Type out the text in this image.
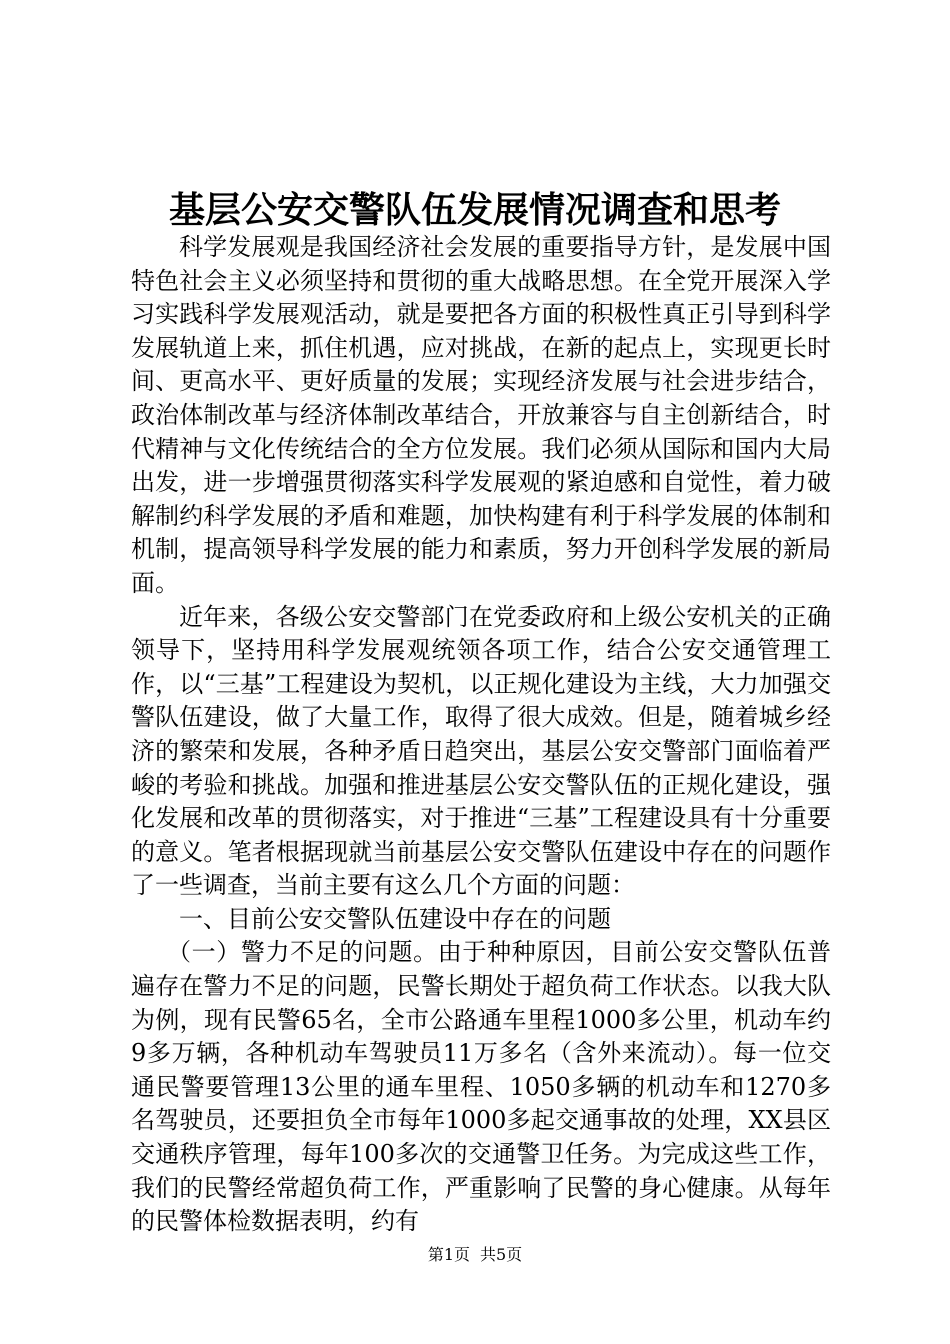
基层公安交警队伍发展情况调查和思考

科学发展观是我国经济社会发展的重要指导方针，是发展中国特色社会主义必须坚持和贯彻的重大战略思想。在全党开展深入学习实践科学发展观活动，就是要把各方面的积极性真正引导到科学发展轨道上来，抓住机遇，应对挑战，在新的起点上，实现更长时间、更高水平、更好质量的发展；实现经济发展与社会进步结合，政治体制改革与经济体制改革结合，开放兼容与自主创新结合，时代精神与文化传统结合的全方位发展。我们必须从国际和国内大局出发，进一步增强贯彻落实科学发展观的紧迫感和自觉性，着力破解制约科学发展的矛盾和难题，加快构建有利于科学发展的体制和机制，提高领导科学发展的能力和素质，努力开创科学发展的新局面。

近年来，各级公安交警部门在党委政府和上级公安机关的正确领导下，坚持用科学发展观统领各项工作，结合公安交通管理工作，以“三基”工程建设为契机，以正规化建设为主线，大力加强交警队伍建设，做了大量工作，取得了很大成效。但是，随着城乡经济的繁荣和发展，各种矛盾日趋突出，基层公安交警部门面临着严峻的考验和挑战。加强和推进基层公安交警队伍的正规化建设，强化发展和改革的贯彻落实，对于推进“三基”工程建设具有十分重要的意义。笔者根据现就当前基层公安交警队伍建设中存在的问题作了一些调查，当前主要有这么几个方面的问题：

一、目前公安交警队伍建设中存在的问题

（一）警力不足的问题。由于种种原因，目前公安交警队伍普遍存在警力不足的问题，民警长期处于超负荷工作状态。以我大队为例，现有民警65名，全市公路通车里程1000多公里，机动车约9多万辆，各种机动车驾驶员11万多名（含外来流动）。每一位交通民警要管理13公里的通车里程、1050多辆的机动车和1270多名驾驶员，还要担负全市每年1000多起交通事故的处理，XX县区交通秩序管理，每年100多次的交通警卫任务。为完成这些工作，我们的民警经常超负荷工作，严重影响了民警的身心健康。从每年的民警体检数据表明，约有

第1页 共5页
